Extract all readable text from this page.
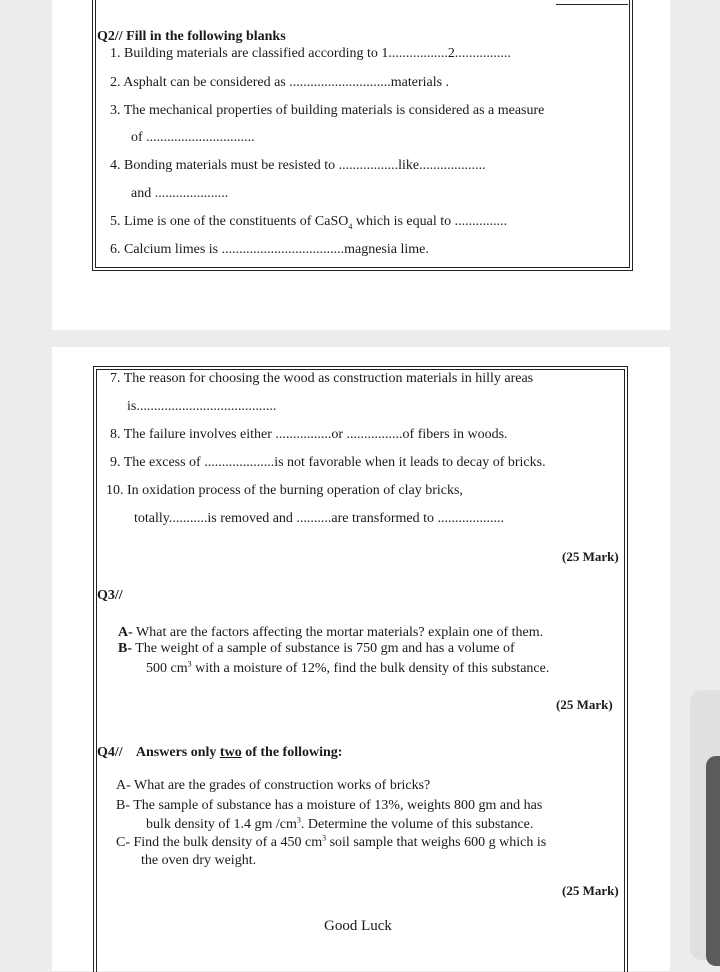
Q2// Fill in the following blanks
1. Building materials are classified according to 1.................2................
2. Asphalt can be considered as .............................materials .
3. The mechanical properties of building materials is considered as a measure
of ...............................
4. Bonding materials must be resisted to .................like...................
and .....................
5. Lime is one of the constituents of CaSO$_4$ which is equal to ...............
6. Calcium limes is ...................................magnesia lime.
7. The reason for choosing the wood as construction materials in hilly areas
is........................................
8. The failure involves either ................or ................of fibers in woods.
9. The excess of ....................is not favorable when it leads to decay of bricks.
10. In oxidation process of the burning operation of clay bricks,
totally...........is removed and ..........are transformed to ...................
(25 Mark)
Q3//
A- What are the factors affecting the mortar materials? explain one of them.
B- The weight of a sample of substance is 750 gm and has a volume of
500 $cm^3$ with a moisture of 12%, find the bulk density of this substance.
(25 Mark)
Q4// Answers only two of the following:
A- What are the grades of construction works of bricks?
B- The sample of substance has a moisture of 13%, weights 800 gm and has
bulk density of 1.4 gm $/cm^3$. Determine the volume of this substance.
C- Find the bulk density of a 450 $cm^3$ soil sample that weighs 600 g which is
the oven dry weight.
(25 Mark)
Good Luck
